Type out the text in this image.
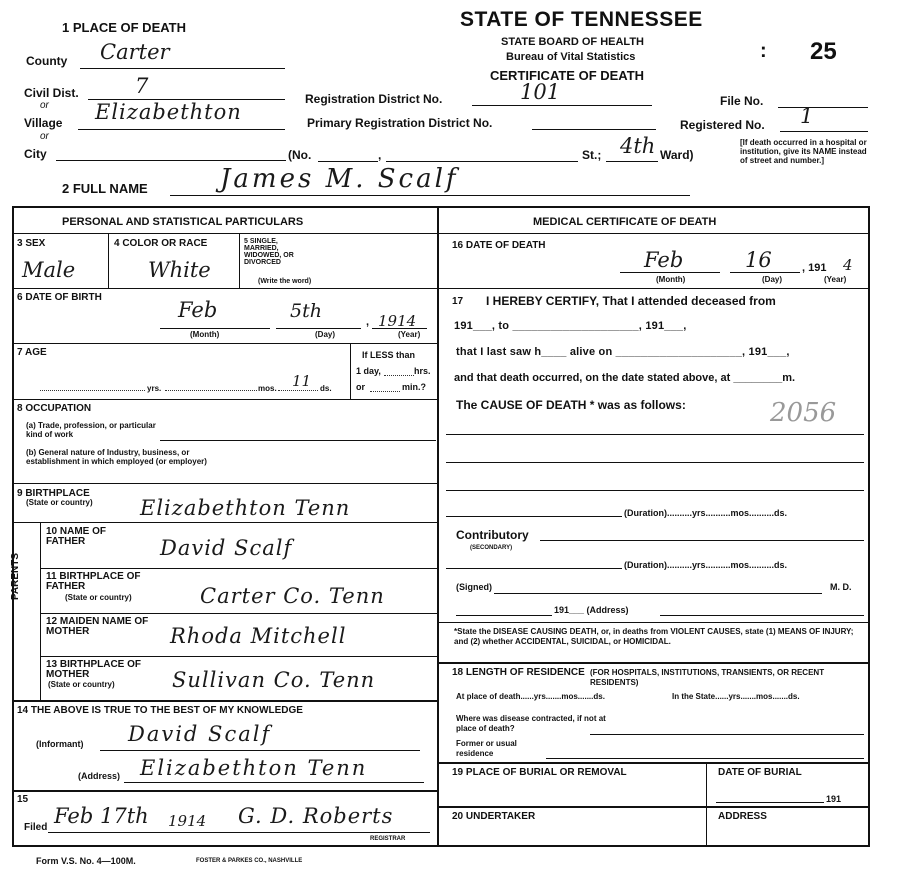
1 PLACE OF DEATH
County Carter
Civil Dist.	7
or
Village Elizabethton
or
City
STATE OF TENNESSEE
STATE BOARD OF HEALTH
Bureau of Vital Statistics
CERTIFICATE OF DEATH
: 25
Registration District No.	101	File No.
Primary Registration District No.	Registered No. 1
(No.	,	St.; 4th Ward)
[If death occurred in a hospital or institution, give its NAME instead of street and number.]
2 FULL NAME	James M. Scalf
PERSONAL AND STATISTICAL PARTICULARS
3 SEX
Male
4 COLOR OR RACE
White
5 SINGLE, MARRIED, WIDOWED, OR DIVORCED
(Write the word)
6 DATE OF BIRTH
Feb	5th	1914
,
(Month)	(Day)	(Year)
7 AGE
yrs.	mos. 11 ds.
If LESS than
1 day,	hrs.
or	min.?
8 OCCUPATION
(a) Trade, profession, or particular kind of work
(b) General nature of Industry, business, or establishment in which employed (or employer)
9 BIRTHPLACE
(State or country) Elizabethton Tenn
PARENTS
10 NAME OF FATHER	David Scalf
11 BIRTHPLACE OF FATHER
(State or country)	Carter Co. Tenn
12 MAIDEN NAME OF MOTHER	Rhoda Mitchell
13 BIRTHPLACE OF MOTHER
(State or country)	Sullivan Co. Tenn
14 THE ABOVE IS TRUE TO THE BEST OF MY KNOWLEDGE
(Informant) David Scalf
(Address) Elizabethton Tenn
15
Filed Feb 17th 1914 G. D. Roberts
REGISTRAR
MEDICAL CERTIFICATE OF DEATH
16 DATE OF DEATH
Feb	16	, 191 4
(Month)	(Day)	(Year)
17 I HEREBY CERTIFY, That I attended deceased from
191___, to ____________________, 191___,
that I last saw h____ alive on ____________________, 191___,
and that death occurred, on the date stated above, at ________m.
The CAUSE OF DEATH * was as follows:	2056
(Duration)..........yrs..........mos..........ds.
Contributory
(SECONDARY)
(Duration)..........yrs..........mos..........ds.
(Signed)	M. D.
191___ (Address)
*State the DISEASE CAUSING DEATH, or, in deaths from VIOLENT CAUSES, state (1) MEANS OF INJURY; and (2) whether ACCIDENTAL, SUICIDAL, or HOMICIDAL.
18 LENGTH OF RESIDENCE (FOR HOSPITALS, INSTITUTIONS, TRANSIENTS, OR RECENT RESIDENTS)
At place of death......yrs.......mos.......ds.	In the State......yrs.......mos.......ds.
Where was disease contracted, if not at place of death?
Former or usual residence
19 PLACE OF BURIAL OR REMOVAL	DATE OF BURIAL
191
20 UNDERTAKER	ADDRESS
Form V.S. No. 4—100M.	FOSTER & PARKES CO., NASHVILLE
